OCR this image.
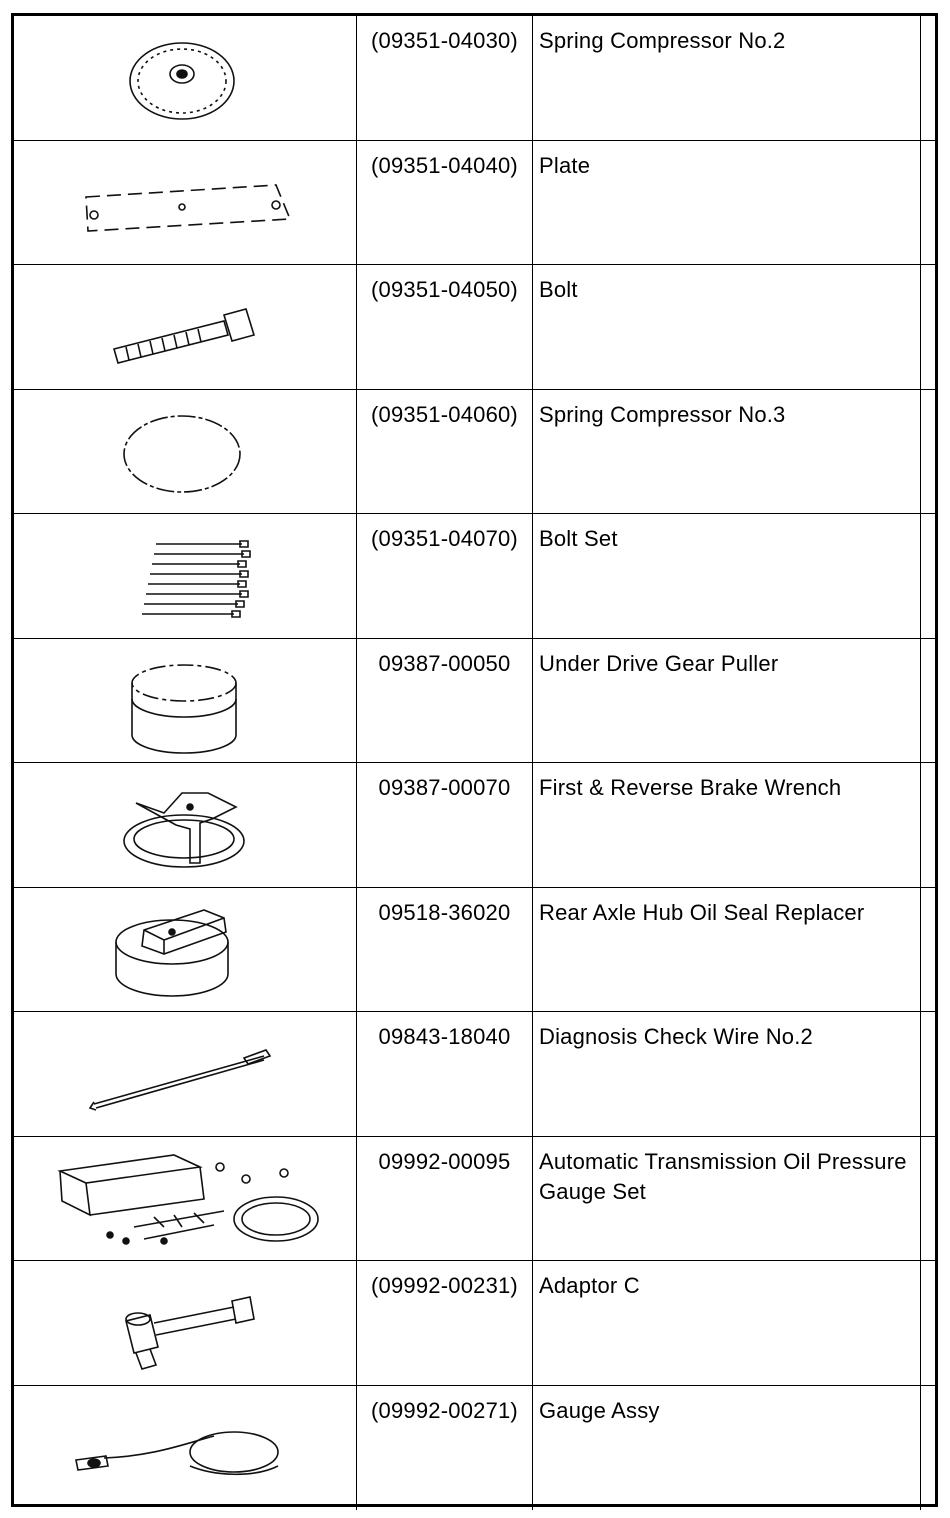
(09351-04030) Spring Compressor No.2
(09351-04040) Plate
(09351-04050) Bolt
(09351-04060) Spring Compressor No.3
(09351-04070) Bolt Set
09387-00050	Under Drive Gear Puller
09387-00070	First & Reverse Brake Wrench
09518-36020	Rear Axle Hub Oil Seal Replacer
09843-18040	Diagnosis Check Wire No.2
09992-00095	Automatic Transmission Oil Pressure Gauge Set
(09992-00231) Adaptor C
(09992-00271) Gauge Assy
